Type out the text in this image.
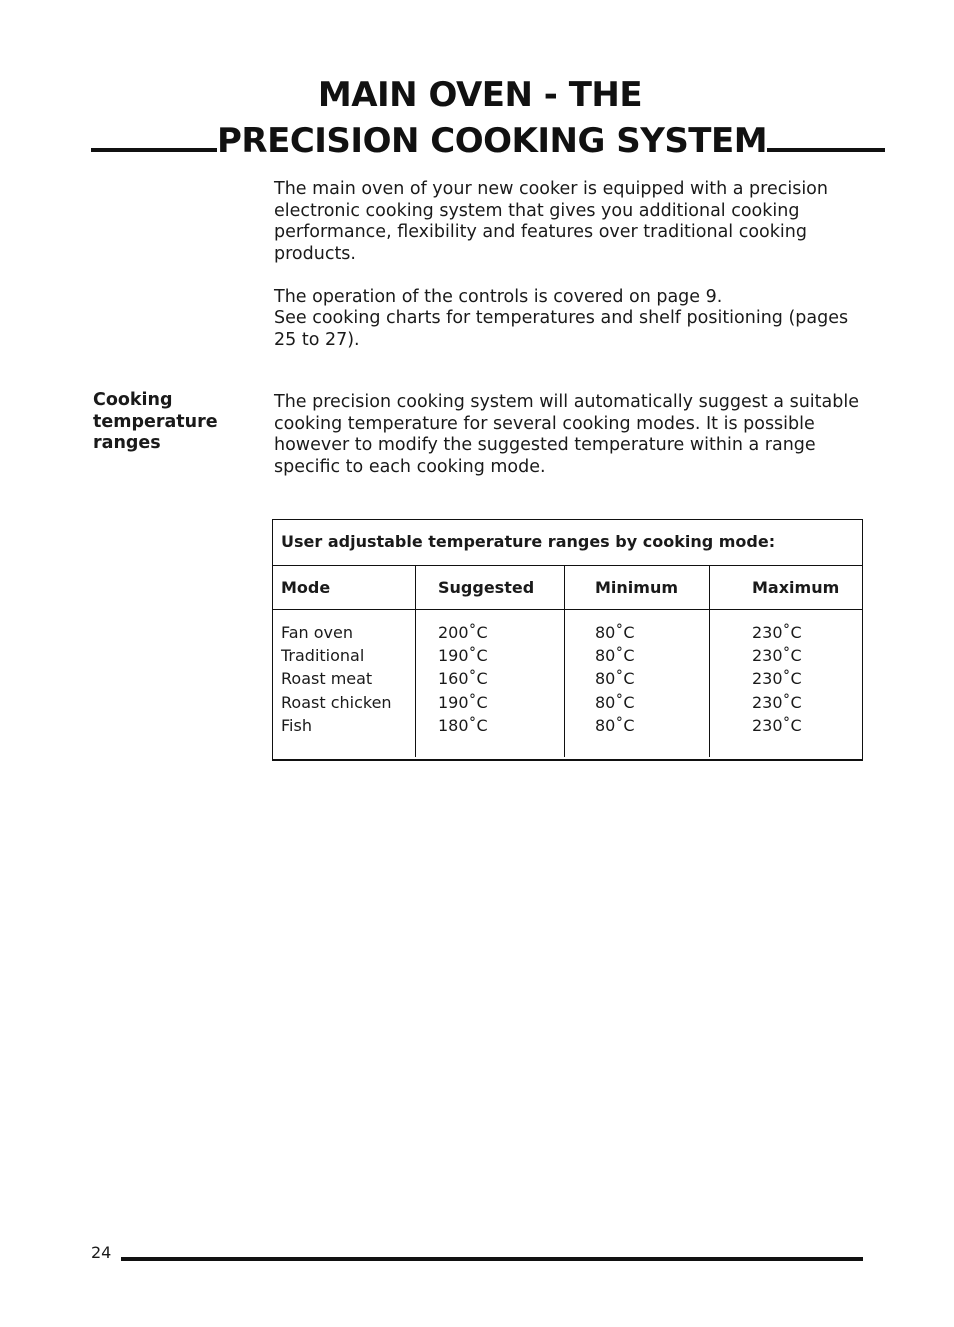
MAIN OVEN - THE
PRECISION COOKING SYSTEM

The main oven of your new cooker is equipped with a precision electronic cooking system that gives you additional cooking performance, flexibility and features over traditional cooking products.

The operation of the controls is covered on page 9.
See cooking charts for temperatures and shelf positioning (pages 25 to 27).

Cooking temperature ranges

The precision cooking system will automatically suggest a suitable cooking temperature for several cooking modes. It is possible however to modify the suggested temperature within a range specific to each cooking mode.

User adjustable temperature ranges by cooking mode:
Mode
Fan oven
Traditional
Roast meat
Roast chicken
Fish
Suggested
200˚C
190˚C
160˚C
190˚C
180˚C
Minimum
80˚C
80˚C
80˚C
80˚C
80˚C
Maximum
230˚C
230˚C
230˚C
230˚C
230˚C
24
